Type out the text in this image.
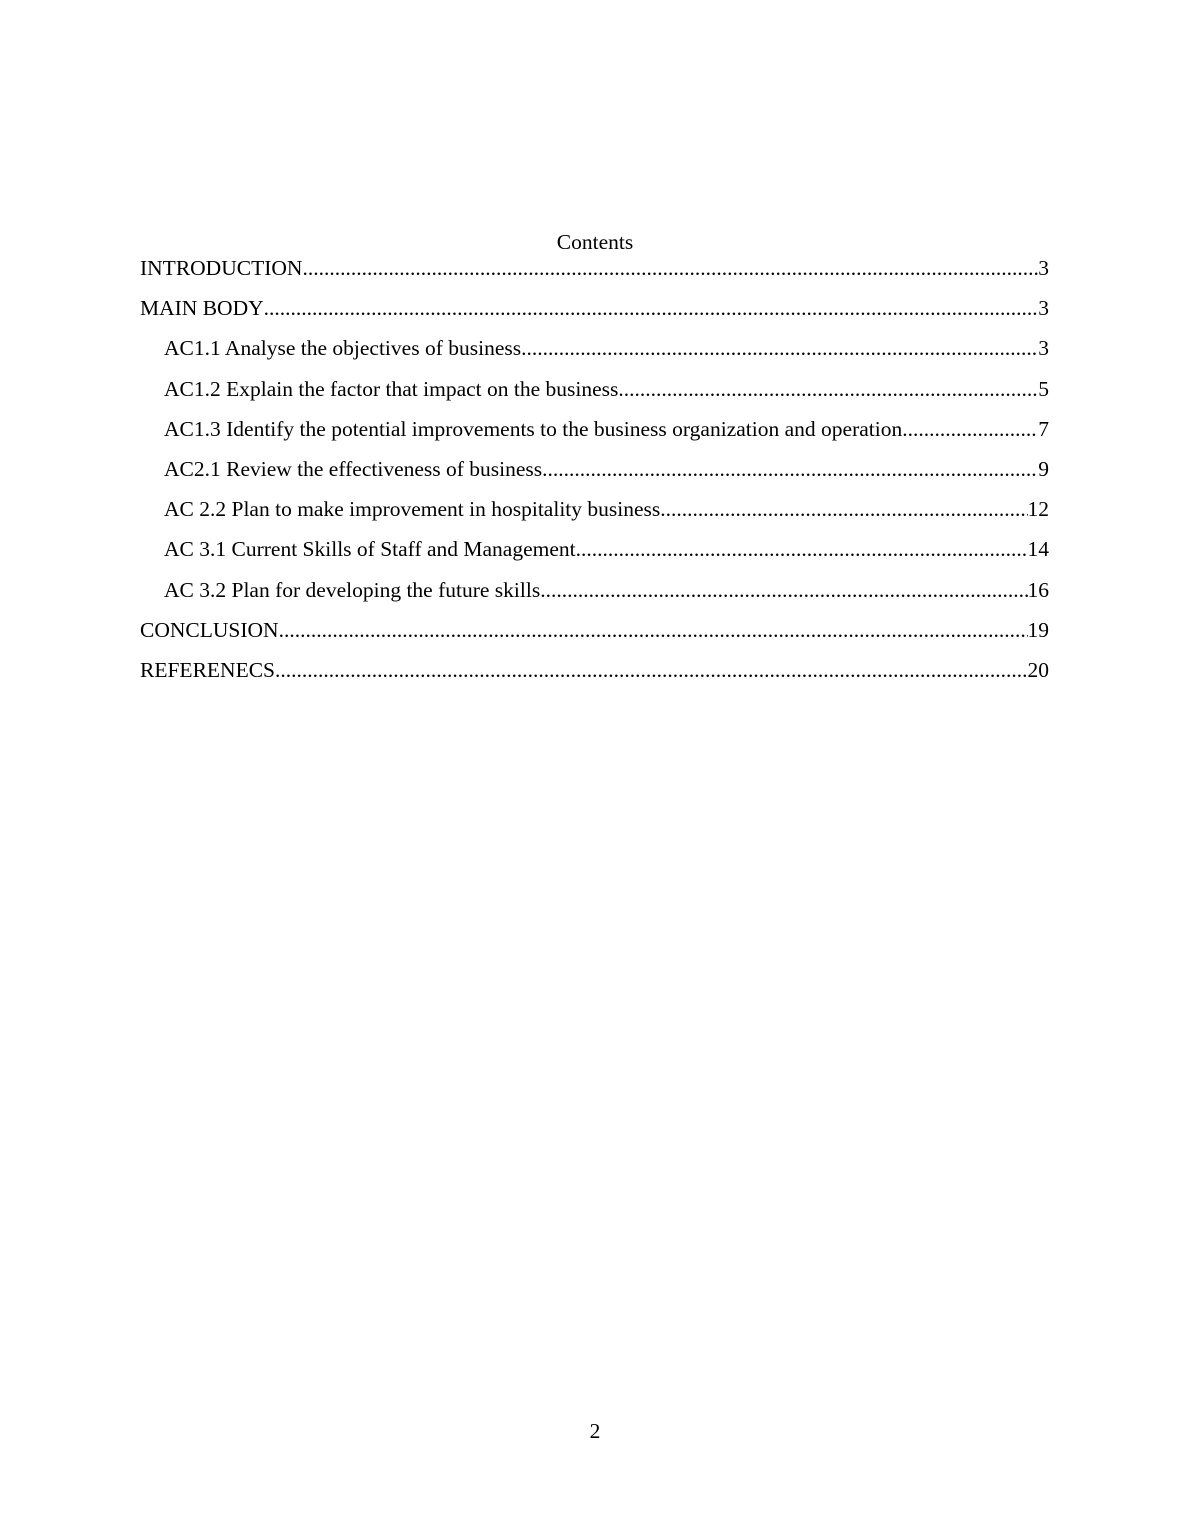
Contents
.....
INTRODUCTION	3
.....
MAIN BODY	3
.....
AC1.1 Analyse the objectives of business	3
.....
AC1.2 Explain the factor that impact on the business	5
.....
AC1.3 Identify the potential improvements to the business organization and operation	7
.....
AC2.1 Review the effectiveness of business	9
.....
AC 2.2 Plan to make improvement in hospitality business	12
.....
AC 3.1 Current Skills of Staff and Management	14
.....
AC 3.2 Plan for developing the future skills	16
.....
CONCLUSION	19
.....
REFERENECS	20
2
